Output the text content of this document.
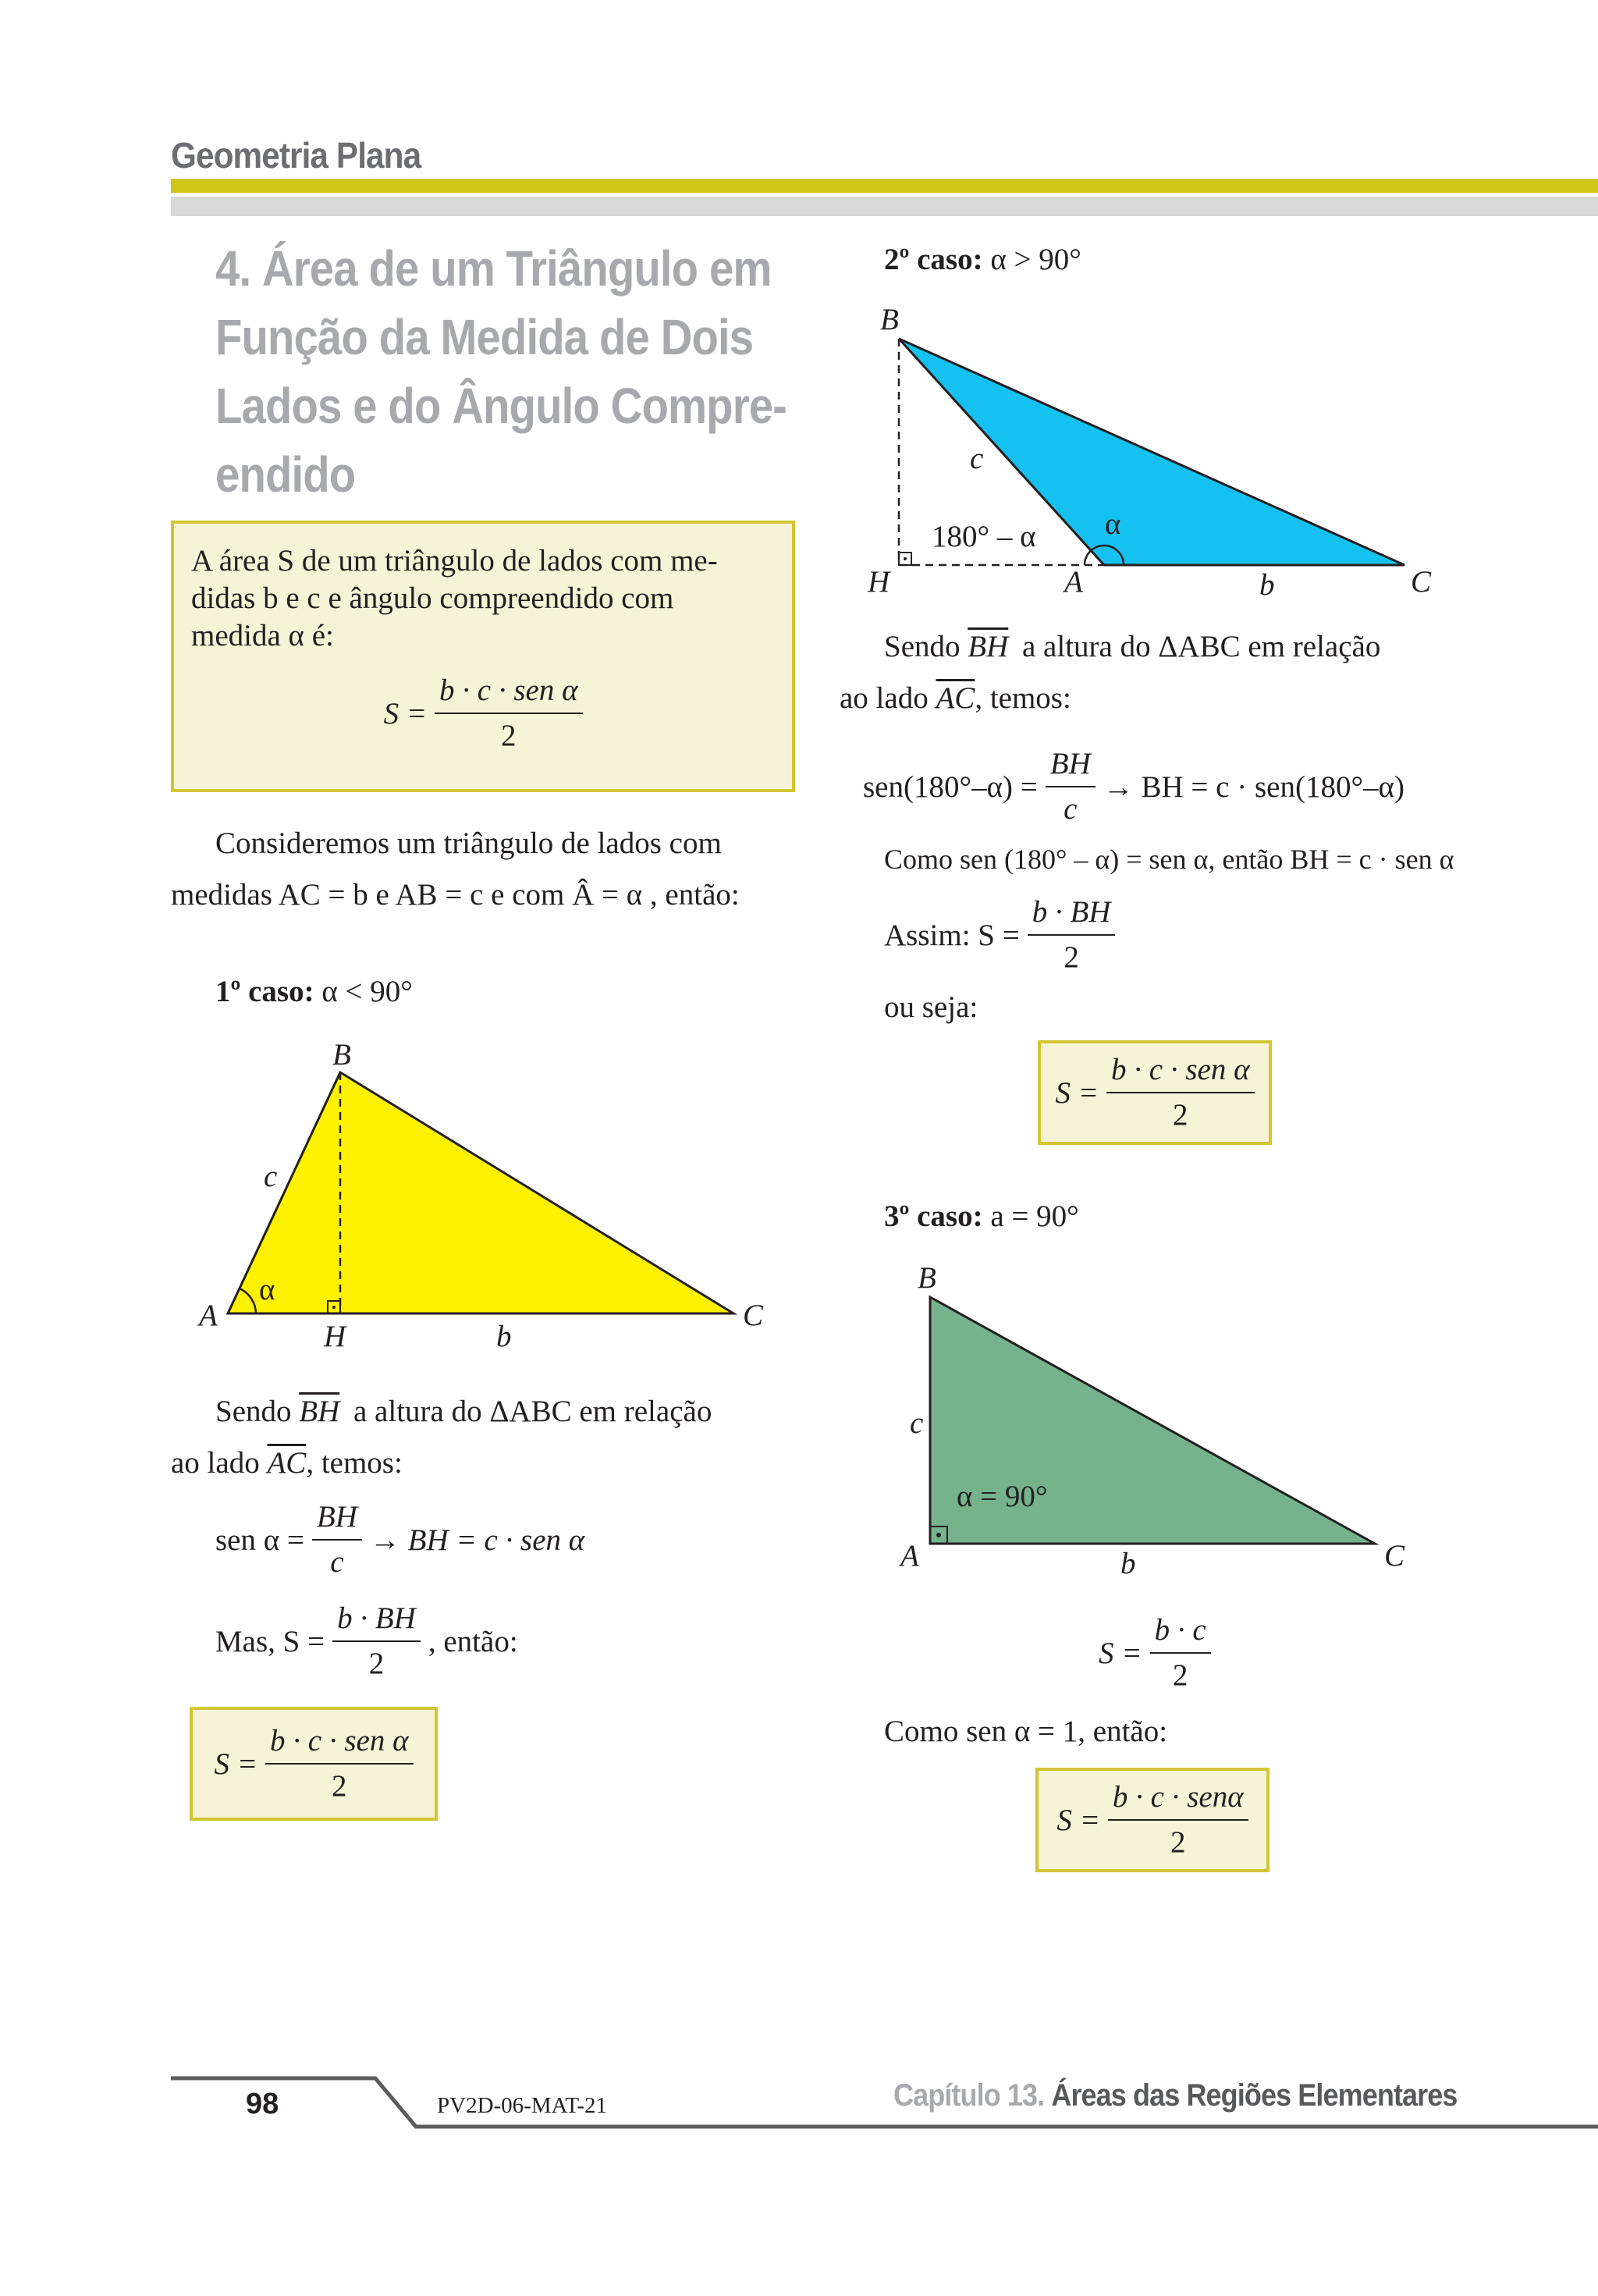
Geometria Plana
4. Área de um Triângulo em
Função da Medida de Dois
Lados e do Ângulo Compre-
endido
A área S de um triângulo de lados com me-
didas b e c e ângulo compreendido com
medida α é:
$S = \frac{\text{b · c · sen α}}{2}$
Consideremos um triângulo de lados com
medidas AC = b e AB = c e com Â = α , então:
1º caso: α < 90°
B
A	C
H	b
c
α
Sendo $\overline{BH}$ a altura do ΔABC em relação
ao lado $\overline{AC}$, temos:
sen $\alpha = \frac{BH}{c}$ → BH = c · sen α
Mas, $S = \frac{b \cdot BH}{2}$ , então:
$S = \frac{\text{b · c · sen α}}{2}$
2º caso: α > 90°
B
H	A	b	C
c
180° – α α
Sendo $\overline{BH}$ a altura do ΔABC em relação
ao lado $\overline{AC}$, temos:
$sen(180^\circ-\alpha) = \frac{BH}{c}$ → BH = c · sen(180°–α)
Como sen (180° – α) = sen α, então BH = c · sen α
Assim: $S = \frac{b \cdot BH}{2}$
ou seja:
$S = \frac{\text{b · c · sen α}}{2}$
3º caso: a = 90°
B
c
α = 90°
A	b	C
$S = \frac{b \cdot c}{2}$
Como sen α = 1, então:
$S = \frac{\text{b · c · senα}}{2}$
98	PV2D-06-MAT-21	Capítulo 13. Áreas das Regiões Elementares
